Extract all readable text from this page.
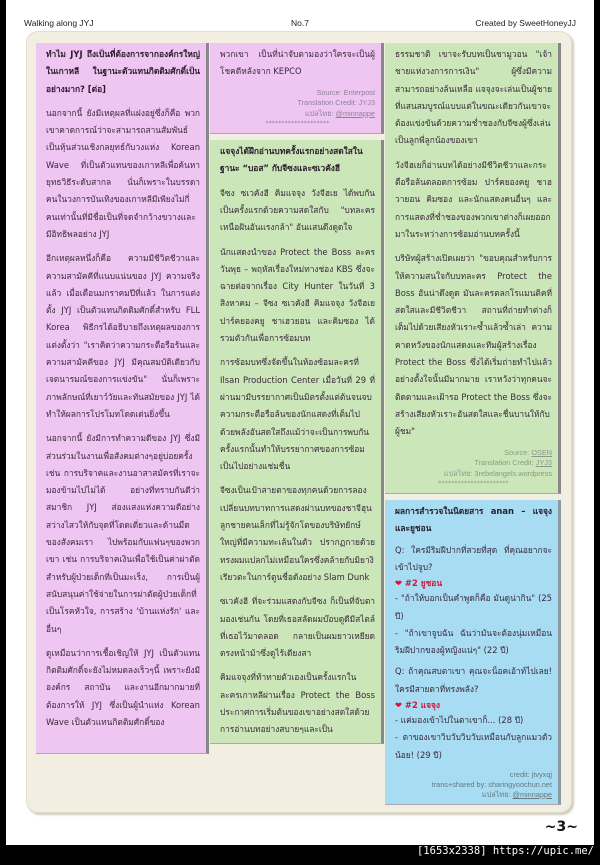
Walking along JYJ	No.7	Created by SweetHoneyJJ

ทำไม JYJ ถึงเป็นที่ต้องการจากองค์กรใหญ่ในเกาหลี ในฐานะตัวแทนกิตติมศักดิ์เป็นอย่างมาก? [ต่อ]

นอกจากนี้ ยังมีเหตุผลที่แฝงอยู่ซึ่งก็คือ พวกเขาคาดการณ์ว่าจะสามารถสานสัมพันธ์เป็นหุ้นส่วนเชิงกลยุทธ์กับวงแห่ง Korean Wave ที่เป็นตัวแทนของเกาหลีเพื่อค้นหายุทธวิธีระดับสากล นั่นก็เพราะในบรรดาคนในวงการบันเทิงของเกาหลีมีเพียงไม่กี่คนเท่านั้นที่มีชื่อเป็นที่จดจำกว้างขวางและมีอิทธิพลอย่าง JYJ

อีกเหตุผลหนึ่งก็คือ ความมีชีวิตชีวาและความสามัคคีที่แนบแน่นของ JYJ ความจริงแล้ว เมื่อเดือนมกราคมปีที่แล้ว ในการแต่งตั้ง JYJ เป็นตัวแทนกิตติมศักดิ์สำหรับ FLL Korea พิธีกรได้อธิบายถึงเหตุผลของการแต่งตั้งว่า "เราคิดว่าความกระตือรือร้นและความสามัคคีของ JYJ มีคุณสมบัติเดียวกับเจตนารมณ์ของการแข่งขัน" นั่นก็เพราะภาพลักษณ์ที่เยาว์วัยและทันสมัยของ JYJ ได้ทำให้ผลการโปรโมทโดดเด่นยิ่งขึ้น

นอกจากนี้ ยังมีการทำความดีของ JYJ ซึ่งมีส่วนร่วมในงานเพื่อสังคมต่างๆอยู่บ่อยครั้ง เช่น การบริจาคและงานอาสาสมัครที่เราจะมองข้ามไปไม่ได้ อย่างที่ทราบกันดีว่าสมาชิก JYJ ส่องแสงแห่งความดีอย่างสว่างไสวให้กับจุดที่โดดเดี่ยวและด้านมืดของสังคมเรา ไปพร้อมกับแฟนๆของพวกเขา เช่น การบริจาคเงินเพื่อใช้เป็นค่าผ่าตัดสำหรับผู้ป่วยเด็กที่เป็นมะเร็ง, การเป็นผู้สนับสนุนค่าใช้จ่ายในการผ่าตัดผู้ป่วยเด็กที่เป็นโรคหัวใจ, การสร้าง 'บ้านแห่งรัก' และอื่นๆ

ดูเหมือนว่าการเชื้อเชิญให้ JYJ เป็นตัวแทนกิตติมศักดิ์จะยังไม่หมดลงเร็วๆนี้ เพราะยังมี องค์กร สถาบัน และงานอีกมากมายที่ต้องการให้ JYJ ซึ่งเป็นผู้นำแห่ง Korean Wave เป็นตัวแทนกิตติมศักดิ์ของ

พวกเขา เป็นที่น่าจับตามองว่าใครจะเป็นผู้โชคดีหลังจาก KEPCO

Source: Enterpost
Translation Credit: JYJ3
แปลไทย: @minnappe
********************

แจจุงได้ฝึกอ่านบทครั้งแรกอย่างสดใสในฐานะ “บอส” กับจีซงและซเวคังฮี

จีซง ซเวคังฮี คิมแจจุง วังจีฮเย ได้พบกันเป็นครั้งแรกด้วยความสดใสกับ "บทละครเหนือฝันอันแรงกล้า" อันแสนดึงดูดใจ

นักแสดงนำของ Protect the Boss ละครวันพุธ – พฤหัสเรื่องใหม่ทางช่อง KBS ซึ่งจะฉายต่อจากเรื่อง City Hunter ในวันที่ 3 สิงหาคม – จีซง ซเวคังฮี คิมแจจุง วังจีฮเย ปาร์คยองคยู ชาเฮวยอน และคิมซอง ได้รวมตัวกันเพื่อการซ้อมบท

การซ้อมบทซึ่งจัดขึ้นในห้องซ้อมละครที่ Ilsan Production Center เมื่อวันที่ 29 ที่ผ่านมามีบรรยากาศเป็นมิตรตั้งแต่ต้นจนจบ ความกระตือรือล้นของนักแสดงที่เต็มไปด้วยพลังอันสดใสถึงแม้ว่าจะเป็นการพบกันครั้งแรกนั้นทำให้บรรยากาศของการซ้อมเป็นไปอย่างแช่มชื่น

จีซงเป็นเป้าสายตาของทุกคนด้วยการลองเปลี่ยนบทบาทการแสดงผ่านบทของชาจีฮุน ลูกชายคนเล็กที่ไม่รู้จักโตของบริษัทยักษ์ใหญ่ที่มีความทะเล้นในตัว ปรากฏกายด้วยทรงผมแปลกไม่เหมือนใครซึ่งคล้ายกับมิยางิ เรียวตะในการ์ตูนชื่อดังอย่าง Slam Dunk

ซเวคังฮี ที่จะร่วมแสดงกับจีซง ก็เป็นที่จับตามองเช่นกัน โดยที่เธอสลัดผมบ๊อบดูดีมีสไตล์ที่เธอไว้มาตลอด กลายเป็นผมยาวเหยียดตรงหน้าม้าซึ่งดูไร้เดียงสา

คิมแจจุงที่ท้าทายตัวเองเป็นครั้งแรกในละครเกาหลีผ่านเรื่อง Protect the Boss ประกาศการเริ่มต้นของเขาอย่างสดใสด้วยการอ่านบทอย่างสบายๆและเป็น

ธรรมชาติ เขาจะรับบทเป็นชามูวอน "เจ้าชายแห่งวงการการเงิน" ผู้ซึ่งมีความสามารถอย่างล้นเหลือ แจจุงจะเล่นเป็นผู้ชายที่แสนสมบูรณ์แบบแต่ในขณะเดียวกันเขาจะต้องแข่งขันด้วยความช่ำชองกับจีซงผู้ซึ่งเล่นเป็นลูกพี่ลูกน้องของเขา

วังจีฮเยก็อ่านบทได้อย่างมีชีวิตชีวาและกระตือรือล้นตลอดการซ้อม ปาร์คยองคยู ชาฮวายอน คิมซอง และนักแสดงคนอื่นๆ และการแสดงที่ช่ำชองของพวกเขาต่างก็เผยออกมาในระหว่างการซ้อมอ่านบทครั้งนี้

บริษัทผู้สร้างเปิดเผยว่า "ขอบคุณสำหรับการให้ความสนใจกับบทละคร Protect the Boss อันน่าดึงดูด มันละครตลกโรแมนติคที่สดใสและมีชีวิตชีวา สถานที่ถ่ายทำต่างก็เต็มไปด้วยเสียงหัวเราะซ้ำแล้วซ้ำเล่า ความคาดหวังของนักแสดงและทีมผู้สร้างเรื่อง Protect the Boss ซึ่งได้เริ่มถ่ายทำไปแล้วอย่างตั้งใจนั้นมีมากมาย เราหวังว่าทุกคนจะติดตามและเฝ้ารอ Protect the Boss ซึ่งจะสร้างเสียงหัวเราะอันสดใสและชื่นบานให้กับผู้ชม"

Source: OSEN
Translation Credit: JYJ3
แปลไทย: 3rebelangels.wordpress
**********************

ผลการสำรวจในนิตยสาร anan – แจจุงและยูชอน

Q: ใครมีริมฝีปากที่สวยที่สุด ที่คุณอยากจะเข้าไปจูบ?

❤ #2 ยูชอน
- "ถ้าให้บอกเป็นคำพูดก็คือ มันดูน่ากิน" (25 ปี)
- "ถ้าเขาจูบฉัน ฉันว่ามันจะต้องนุ่มเหมือนริมฝีปากของผู้หญิงแน่ๆ" (22 ปี)

Q: ถ้าคุณสบตาเขา คุณจะน็อคเอ้าท์ไปเลย! ใครมีสายตาที่ทรงพลัง?

❤ #2 แจจุง
- แค่มองเข้าไปในตาเขาก็... (28 ปี)
- ตาของเขาวิบวับวิบวับเหมือนกับลูกแมวตัวน้อย! (29 ปี)
credit: jtvyxqj
trans+shared by: sharingyoochun.net
แปลไทย: @minnappe
~3~
[1653x2338] https://upic.me/
